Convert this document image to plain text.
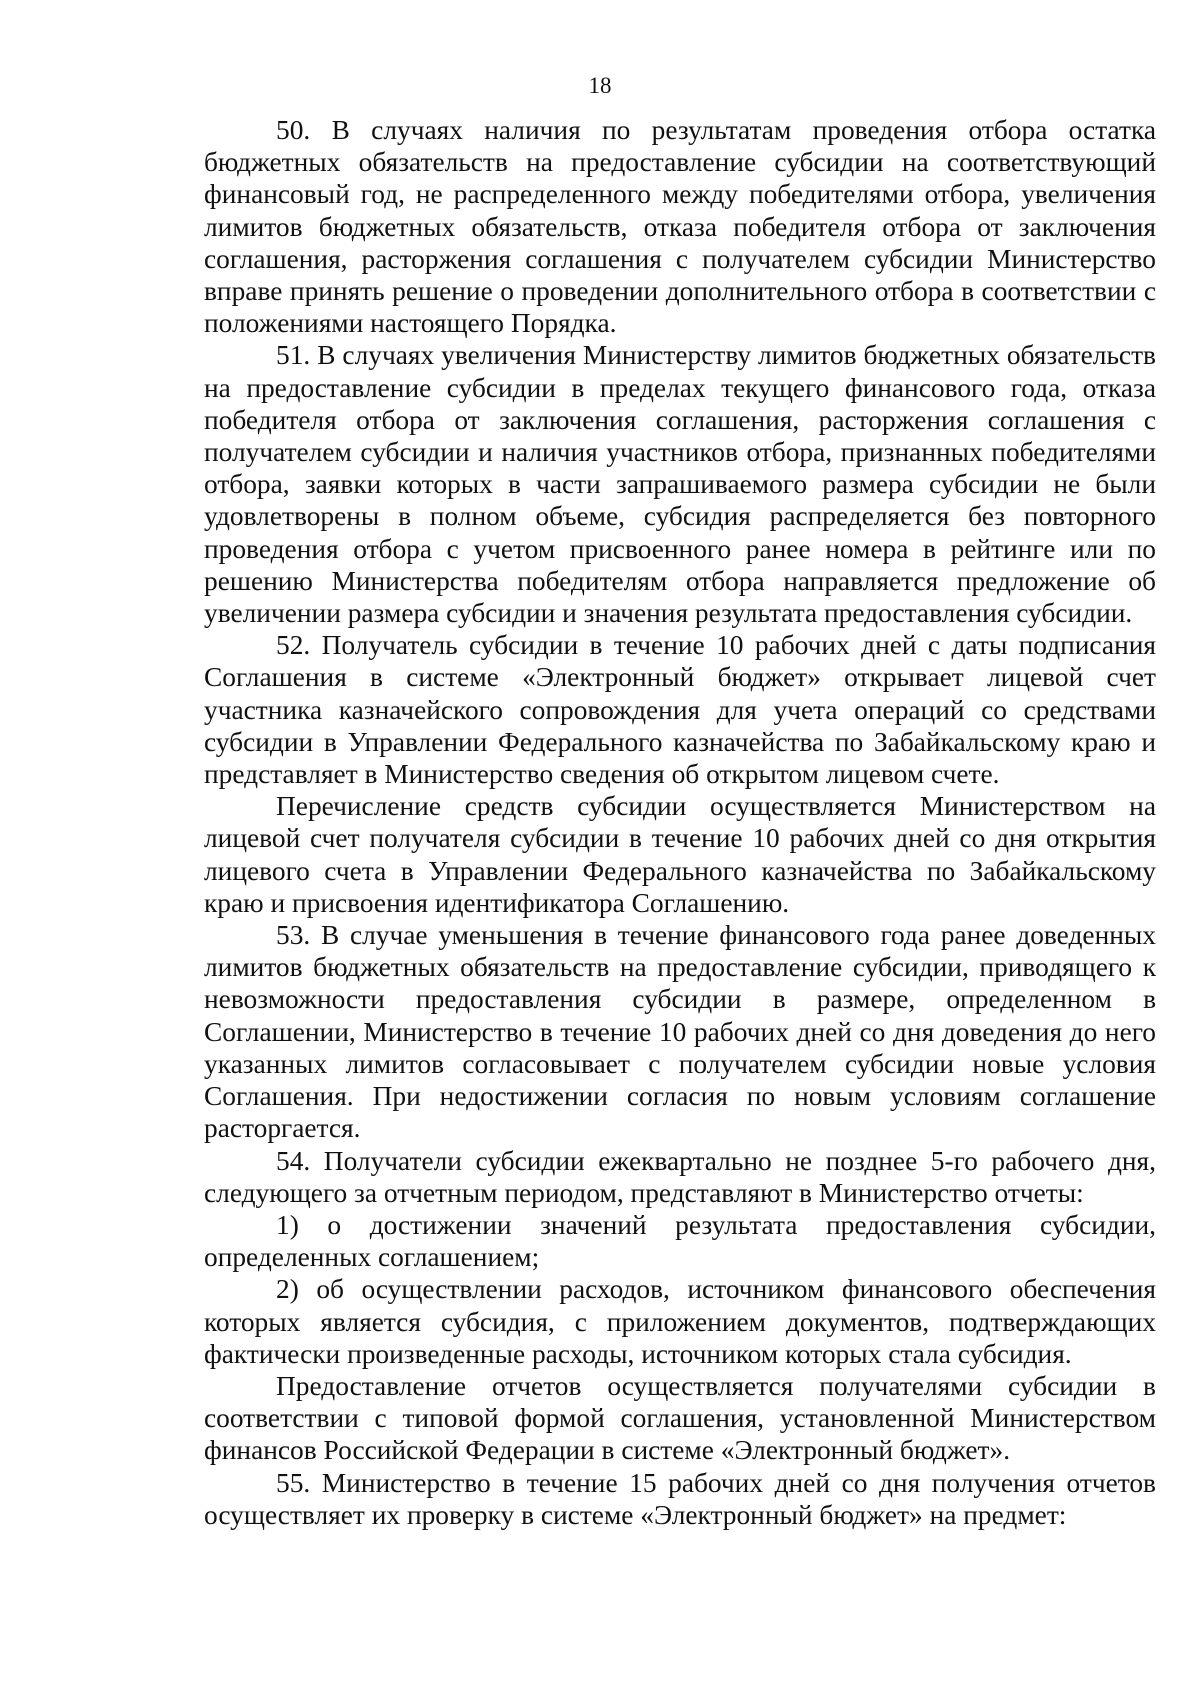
18

50. В случаях наличия по результатам проведения отбора остатка бюджетных обязательств на предоставление субсидии на соответствующий финансовый год, не распределенного между победителями отбора, увеличения лимитов бюджетных обязательств, отказа победителя отбора от заключения соглашения, расторжения соглашения с получателем субсидии Министерство вправе принять решение о проведении дополнительного отбора в соответствии с положениями настоящего Порядка.

51. В случаях увеличения Министерству лимитов бюджетных обязательств на предоставление субсидии в пределах текущего финансового года, отказа победителя отбора от заключения соглашения, расторжения соглашения с получателем субсидии и наличия участников отбора, признанных победителями отбора, заявки которых в части запрашиваемого размера субсидии не были удовлетворены в полном объеме, субсидия распределяется без повторного проведения отбора с учетом присвоенного ранее номера в рейтинге или по решению Министерства победителям отбора направляется предложение об увеличении размера субсидии и значения результата предоставления субсидии.

52. Получатель субсидии в течение 10 рабочих дней с даты подписания Соглашения в системе «Электронный бюджет» открывает лицевой счет участника казначейского сопровождения для учета операций со средствами субсидии в Управлении Федерального казначейства по Забайкальскому краю и представляет в Министерство сведения об открытом лицевом счете.

Перечисление средств субсидии осуществляется Министерством на лицевой счет получателя субсидии в течение 10 рабочих дней со дня открытия лицевого счета в Управлении Федерального казначейства по Забайкальскому краю и присвоения идентификатора Соглашению.

53. В случае уменьшения в течение финансового года ранее доведенных лимитов бюджетных обязательств на предоставление субсидии, приводящего к невозможности предоставления субсидии в размере, определенном в Соглашении, Министерство в течение 10 рабочих дней со дня доведения до него указанных лимитов согласовывает с получателем субсидии новые условия Соглашения. При недостижении согласия по новым условиям соглашение расторгается.

54. Получатели субсидии ежеквартально не позднее 5-го рабочего дня, следующего за отчетным периодом, представляют в Министерство отчеты:

1) о достижении значений результата предоставления субсидии, определенных соглашением;

2) об осуществлении расходов, источником финансового обеспечения которых является субсидия, с приложением документов, подтверждающих фактически произведенные расходы, источником которых стала субсидия.

Предоставление отчетов осуществляется получателями субсидии в соответствии с типовой формой соглашения, установленной Министерством финансов Российской Федерации в системе «Электронный бюджет».

55. Министерство в течение 15 рабочих дней со дня получения отчетов осуществляет их проверку в системе «Электронный бюджет» на предмет:
